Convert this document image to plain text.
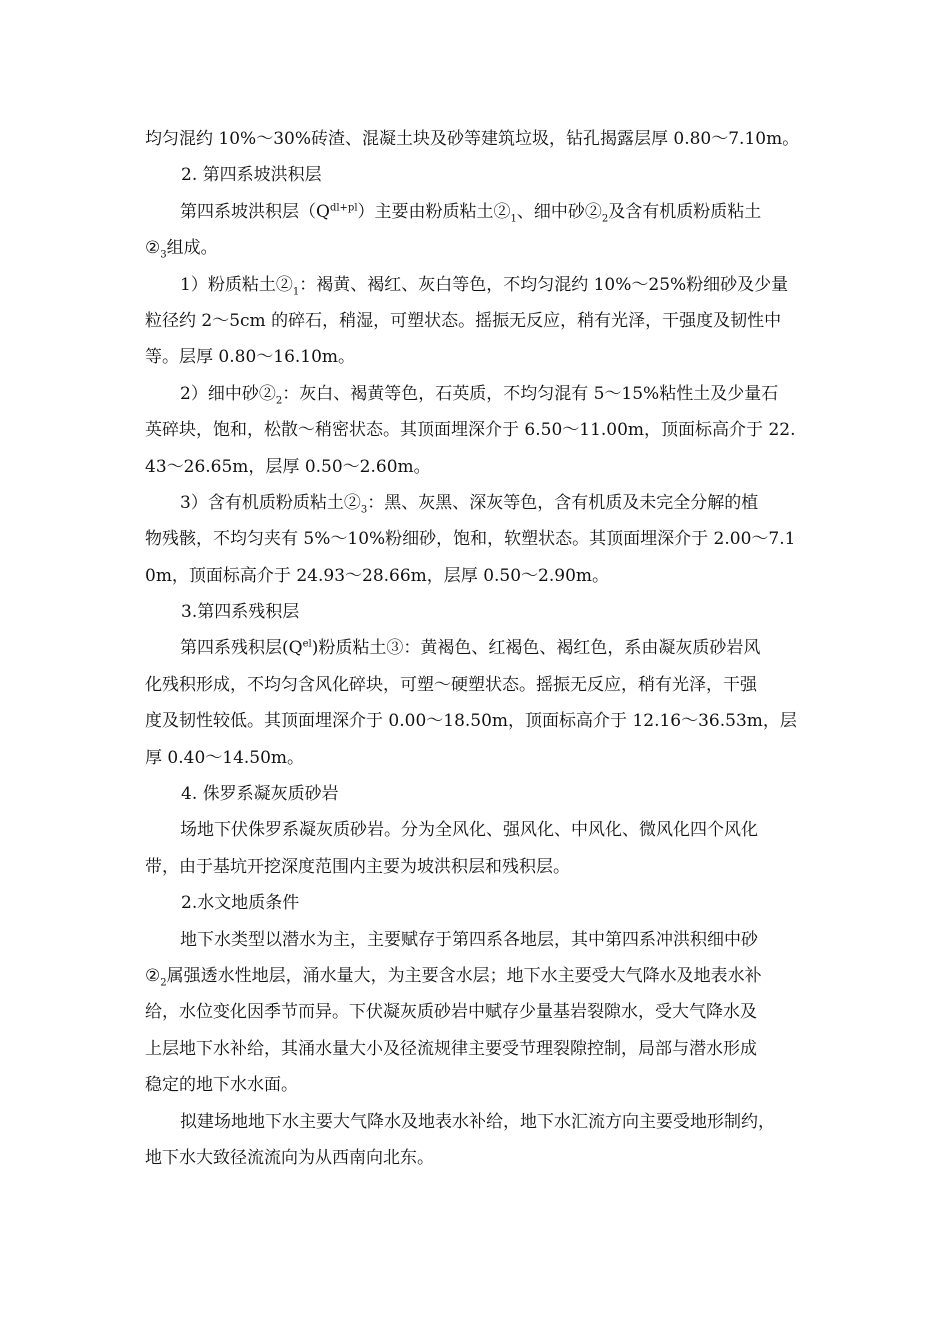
均匀混约 10%～30%砖渣、混凝土块及砂等建筑垃圾，钻孔揭露层厚 0.80～7.10m。
2. 第四系坡洪积层
第四系坡洪积层$(Q^{dl+pl})$主要由粉质粘土$②_1$、细中砂$②_2$及含有机质粉质粘土
$②_3$组成。
1）粉质粘土$②_1$：褐黄、褐红、灰白等色，不均匀混约 10%～25%粉细砂及少量
粒径约 2～5cm 的碎石，稍湿，可塑状态。摇振无反应，稍有光泽，干强度及韧性中
等。层厚 0.80～16.10m。
2）细中砂$②_2$：灰白、褐黄等色，石英质，不均匀混有 5～15%粘性土及少量石
英碎块，饱和，松散～稍密状态。其顶面埋深介于 6.50～11.00m，顶面标高介于 22.
43～26.65m，层厚 0.50～2.60m。
3）含有机质粉质粘土$②_3$：黑、灰黑、深灰等色，含有机质及未完全分解的植
物残骸，不均匀夹有 5%～10%粉细砂，饱和，软塑状态。其顶面埋深介于 2.00～7.1
0m，顶面标高介于 24.93～28.66m，层厚 0.50～2.90m。
3.第四系残积层
第四系残积层$(Q^{el})$粉质粘土③：黄褐色、红褐色、褐红色，系由凝灰质砂岩风
化残积形成，不均匀含风化碎块，可塑～硬塑状态。摇振无反应，稍有光泽，干强
度及韧性较低。其顶面埋深介于 0.00～18.50m，顶面标高介于 12.16～36.53m，层
厚 0.40～14.50m。
4. 侏罗系凝灰质砂岩
场地下伏侏罗系凝灰质砂岩。分为全风化、强风化、中风化、微风化四个风化
带，由于基坑开挖深度范围内主要为坡洪积层和残积层。
2.水文地质条件
地下水类型以潜水为主，主要赋存于第四系各地层，其中第四系冲洪积细中砂
$②_2$属强透水性地层，涌水量大，为主要含水层；地下水主要受大气降水及地表水补
给，水位变化因季节而异。下伏凝灰质砂岩中赋存少量基岩裂隙水，受大气降水及
上层地下水补给，其涌水量大小及径流规律主要受节理裂隙控制，局部与潜水形成
稳定的地下水水面。
拟建场地地下水主要大气降水及地表水补给，地下水汇流方向主要受地形制约，
地下水大致径流流向为从西南向北东。
